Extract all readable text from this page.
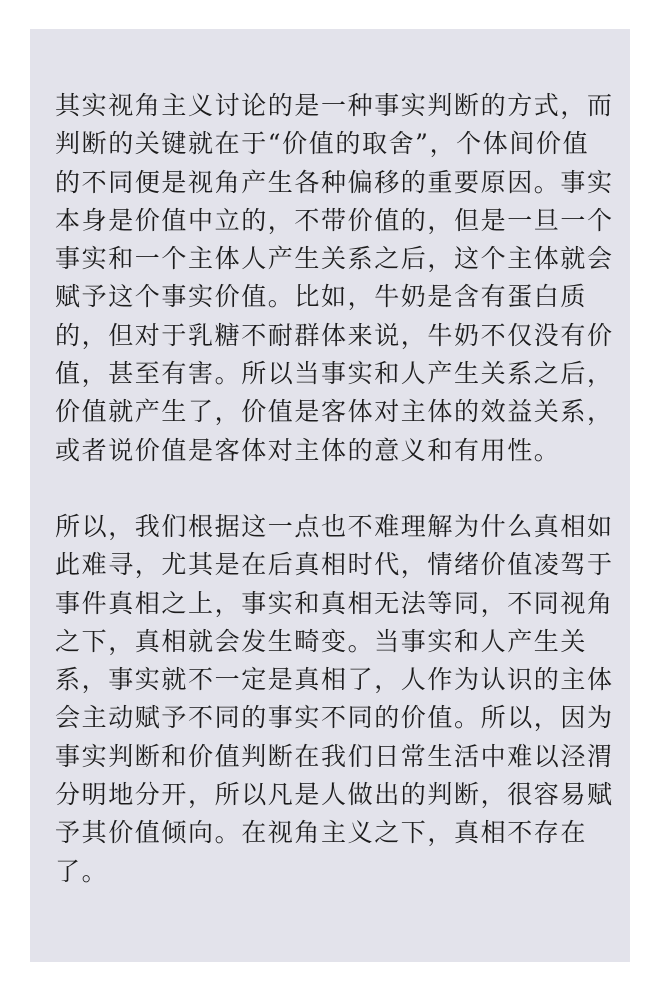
其实视角主义讨论的是一种事实判断的方式，而
判断的关键就在于“价值的取舍”，个体间价值
的不同便是视角产生各种偏移的重要原因。事实
本身是价值中立的，不带价值的，但是一旦一个
事实和一个主体人产生关系之后，这个主体就会
赋予这个事实价值。比如，牛奶是含有蛋白质
的，但对于乳糖不耐群体来说，牛奶不仅没有价
值，甚至有害。所以当事实和人产生关系之后，
价值就产生了，价值是客体对主体的效益关系，
或者说价值是客体对主体的意义和有用性。

所以，我们根据这一点也不难理解为什么真相如
此难寻，尤其是在后真相时代，情绪价值凌驾于
事件真相之上，事实和真相无法等同，不同视角
之下，真相就会发生畸变。当事实和人产生关
系，事实就不一定是真相了，人作为认识的主体
会主动赋予不同的事实不同的价值。所以，因为
事实判断和价值判断在我们日常生活中难以泾渭
分明地分开，所以凡是人做出的判断，很容易赋
予其价值倾向。在视角主义之下，真相不存在
了。
